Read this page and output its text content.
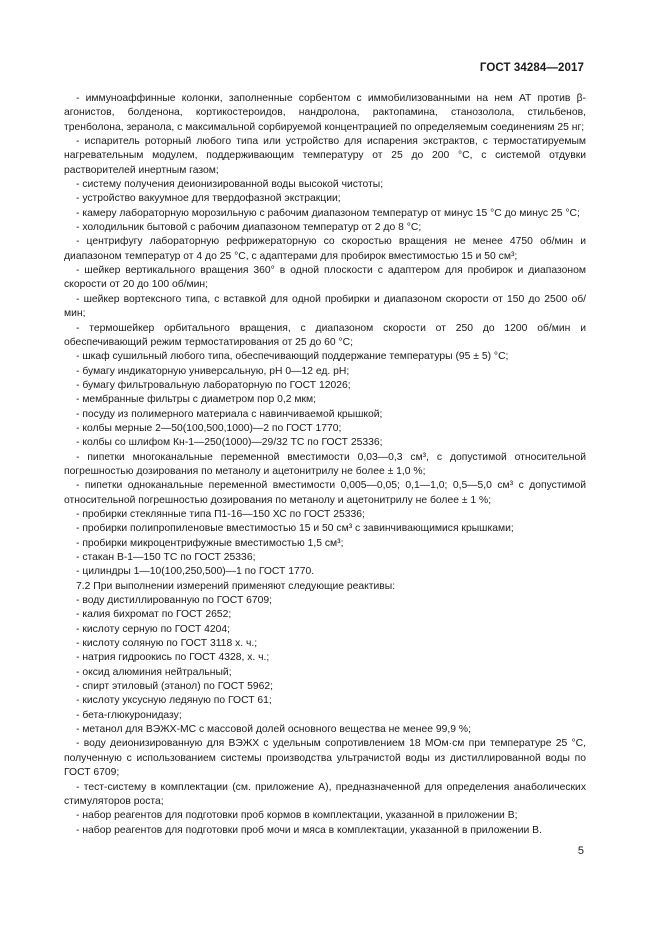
ГОСТ 34284—2017

- иммуноаффинные колонки, заполненные сорбентом с иммобилизованными на нем АТ против β-агонистов, болденона, кортикостероидов, нандролона, рактопамина, станозолола, стильбенов, тренболона, зеранола, с максимальной сорбируемой концентрацией по определяемым соединениям 25 нг;

- испаритель роторный любого типа или устройство для испарения экстрактов, с термостатируемым нагревательным модулем, поддерживающим температуру от 25 до 200 °С, с системой отдувки растворителей инертным газом;

- систему получения деионизированной воды высокой чистоты;

- устройство вакуумное для твердофазной экстракции;

- камеру лабораторную морозильную с рабочим диапазоном температур от минус 15 °С до минус 25 °С;

- холодильник бытовой с рабочим диапазоном температур от 2 до 8 °С;

- центрифугу лабораторную рефрижераторную со скоростью вращения не менее 4750 об/мин и диапазоном температур от 4 до 25 °С, с адаптерами для пробирок вместимостью 15 и 50 см³;

- шейкер вертикального вращения 360° в одной плоскости с адаптером для пробирок и диапазоном скорости от 20 до 100 об/мин;

- шейкер вортексного типа, с вставкой для одной пробирки и диапазоном скорости от 150 до 2500 об/мин;

- термошейкер орбитального вращения, с диапазоном скорости от 250 до 1200 об/мин и обеспечивающий режим термостатирования от 25 до 60 °С;

- шкаф сушильный любого типа, обеспечивающий поддержание температуры (95 ± 5) °С;

- бумагу индикаторную универсальную, pH 0—12 ед. pH;

- бумагу фильтровальную лабораторную по ГОСТ 12026;

- мембранные фильтры с диаметром пор 0,2 мкм;

- посуду из полимерного материала с навинчиваемой крышкой;

- колбы мерные 2—50(100,500,1000)—2 по ГОСТ 1770;

- колбы со шлифом Кн-1—250(1000)—29/32 ТС по ГОСТ 25336;

- пипетки многоканальные переменной вместимости 0,03—0,3 см³, с допустимой относительной погрешностью дозирования по метанолу и ацетонитрилу не более ± 1,0 %;

- пипетки одноканальные переменной вместимости 0,005—0,05; 0,1—1,0; 0,5—5,0 см³ с допустимой относительной погрешностью дозирования по метанолу и ацетонитрилу не более ± 1 %;

- пробирки стеклянные типа П1-16—150 ХС по ГОСТ 25336;

- пробирки полипропиленовые вместимостью 15 и 50 см³ с завинчивающимися крышками;

- пробирки микроцентрифужные вместимостью 1,5 см³;

- стакан В-1—150 ТС по ГОСТ 25336;

- цилиндры 1—10(100,250,500)—1 по ГОСТ 1770.

7.2 При выполнении измерений применяют следующие реактивы:

- воду дистиллированную по ГОСТ 6709;

- калия бихромат по ГОСТ 2652;

- кислоту серную по ГОСТ 4204;

- кислоту соляную по ГОСТ 3118 х. ч.;

- натрия гидроокись по ГОСТ 4328, х. ч.;

- оксид алюминия нейтральный;

- спирт этиловый (этанол) по ГОСТ 5962;

- кислоту уксусную ледяную по ГОСТ 61;

- бета-глюкуронидазу;

- метанол для ВЭЖХ-МС с массовой долей основного вещества не менее 99,9 %;

- воду деионизированную для ВЭЖХ с удельным сопротивлением 18 МОм·см при температуре 25 °С, полученную с использованием системы производства ультрачистой воды из дистиллированной воды по ГОСТ 6709;

- тест-систему в комплектации (см. приложение А), предназначенной для определения анаболических стимуляторов роста;

- набор реагентов для подготовки проб кормов в комплектации, указанной в приложении В;

- набор реагентов для подготовки проб мочи и мяса в комплектации, указанной в приложении В.

5
